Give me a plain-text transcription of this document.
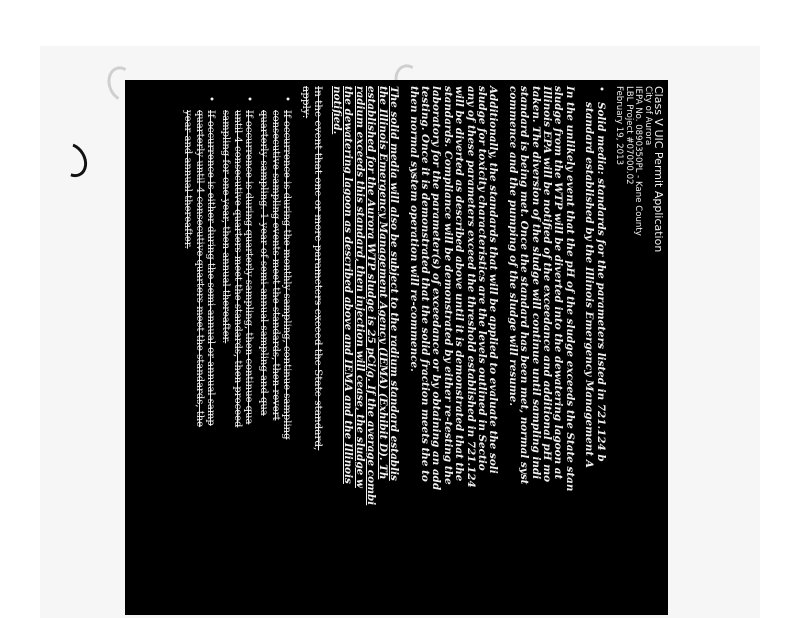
Class V UIC Permit Application
City of Aurora
IEPA No. 0890350PL - Kane County
LBL Project #07000.02
February 19, 2013
•

Solid media: standards for the parameters listed in 721.124 b

standard established by the Illinois Emergency Management A

In the unlikely event that the pH of the sludge exceeds the State stan

sludge from the WTP will be diverted into the dewatering lagoon at

Illinois EPA will be notified of the exceedance and additional pH mo

taken. The diversion of the sludge will continue until sampling indi

standard is being met. Once the standard has been met, normal syst

commence and the pumping of the sludge will resume.

Additionally, the standards that will be applied to evaluate the soli

sludge for toxicity characteristics are the levels outlined in Sectio

any of these parameters exceed the threshold established in 721.124

will be diverted as described above until it is demonstrated that the

standards. Compliance will be demonstrated by either re-testing the

laboratory for the parameter(s) of exceedance or by obtaining an add

testing. Once it is demonstrated that the solid fraction meets the to

then normal system operation will re-commence.

The solid media will also be subject to the radium standard establis

the Illinois Emergency Management Agency (IEMA) (Exhibit D). Th

established for the Aurora WTP sludge is 25 pCi/g. If the average combi

radium exceeds this standard, then injection will cease, the sludge w

the dewatering lagoon as described above and IEMA and the Illinois

notified.

In the event that one or more parameters exceed the State standard,

apply:

•
If occurrence is during the monthly sampling, continue sampling
consecutive sampling events meet the standards, then revert
quarterly sampling. 1 year of semi-annual sampling and qua
•
If occurrence is during quarterly sampling, then continue qua
until 4 consecutive quarters meet the standards, then proceed
sampling for one year, then annual thereafter.
•
If occurrence is either during the semi-annual or annual samp
quarterly until 4 consecutive quarters meet the standards, the
year and annual thereafter.
